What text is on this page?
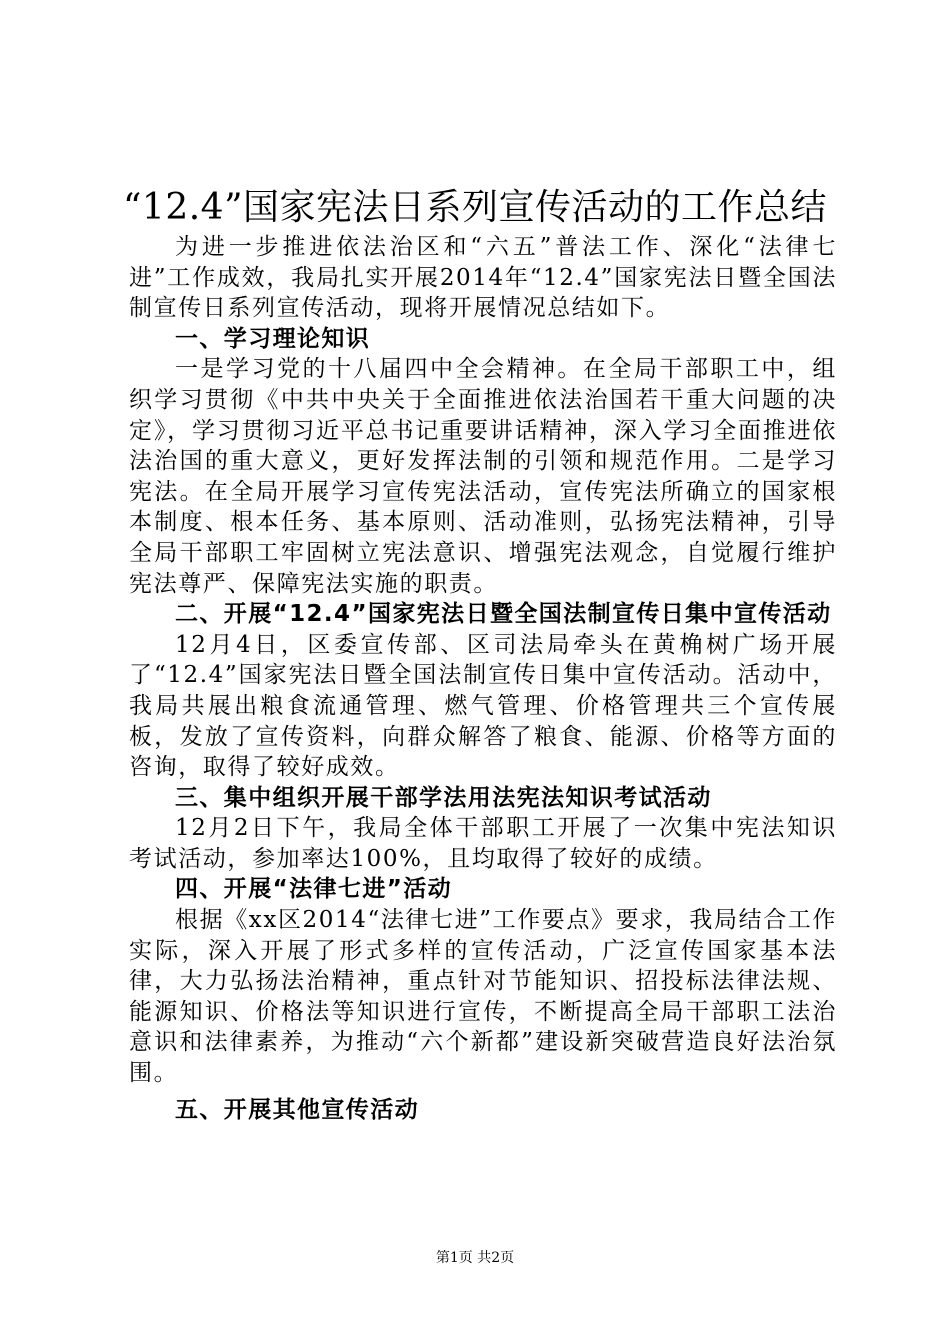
“12.4”国家宪法日系列宣传活动的工作总结

为进一步推进依法治区和“六五”普法工作、深化“法律七进”工作成效，我局扎实开展2014年“12.4”国家宪法日暨全国法制宣传日系列宣传活动，现将开展情况总结如下。

一、学习理论知识

一是学习党的十八届四中全会精神。在全局干部职工中，组织学习贯彻《中共中央关于全面推进依法治国若干重大问题的决定》，学习贯彻习近平总书记重要讲话精神，深入学习全面推进依法治国的重大意义，更好发挥法制的引领和规范作用。二是学习宪法。在全局开展学习宣传宪法活动，宣传宪法所确立的国家根本制度、根本任务、基本原则、活动准则，弘扬宪法精神，引导全局干部职工牢固树立宪法意识、增强宪法观念，自觉履行维护宪法尊严、保障宪法实施的职责。

二、开展“12.4”国家宪法日暨全国法制宣传日集中宣传活动

12月4日，区委宣传部、区司法局牵头在黄桷树广场开展了“12.4”国家宪法日暨全国法制宣传日集中宣传活动。活动中，我局共展出粮食流通管理、燃气管理、价格管理共三个宣传展板，发放了宣传资料，向群众解答了粮食、能源、价格等方面的咨询，取得了较好成效。

三、集中组织开展干部学法用法宪法知识考试活动

12月2日下午，我局全体干部职工开展了一次集中宪法知识考试活动，参加率达100%，且均取得了较好的成绩。

四、开展“法律七进”活动

根据《xx区2014“法律七进”工作要点》要求，我局结合工作实际，深入开展了形式多样的宣传活动，广泛宣传国家基本法律，大力弘扬法治精神，重点针对节能知识、招投标法律法规、能源知识、价格法等知识进行宣传，不断提高全局干部职工法治意识和法律素养，为推动“六个新都”建设新突破营造良好法治氛围。

五、开展其他宣传活动
第1页 共2页
